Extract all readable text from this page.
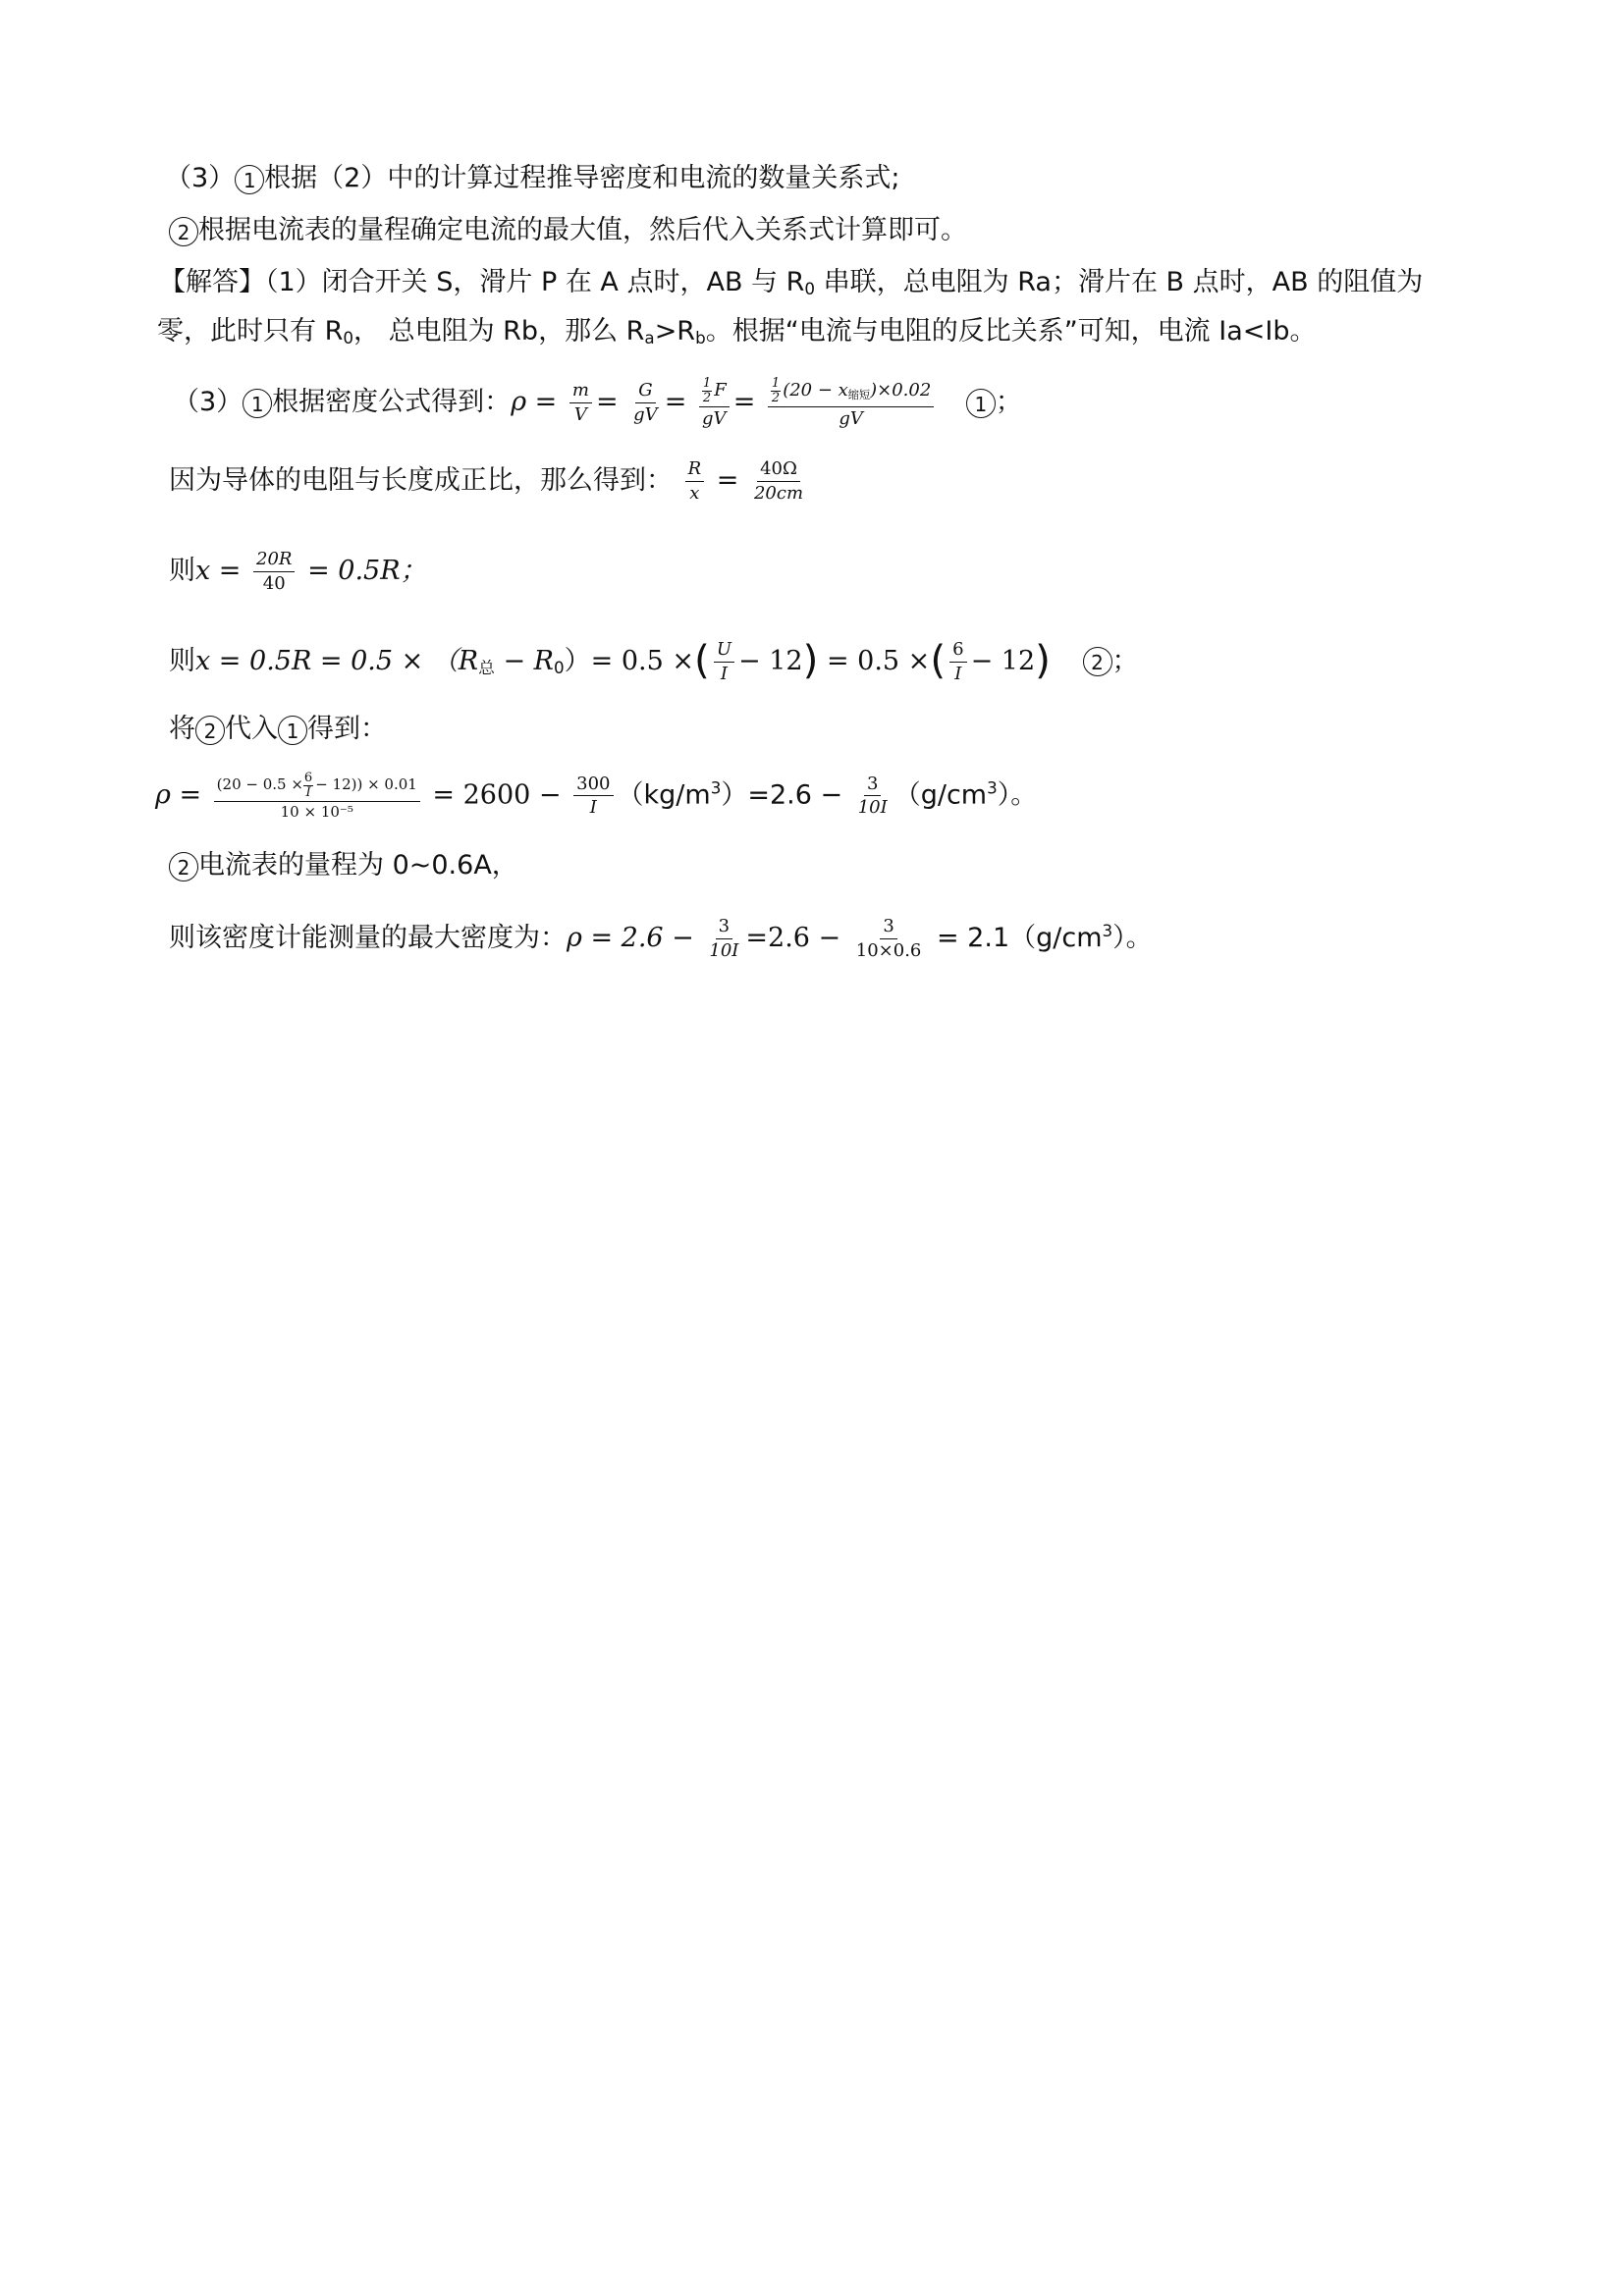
（3） 1 根据（2）中的计算过程推导密度和电流的数量关系式;
2 根据电流表的量程确定电流的最大值，然后代入关系式计算即可。
【解答】（1）闭合开关 S，滑片 P 在 A 点时，AB 与 $R_0$ 串联，总电阻为 Ra；滑片在 B 点时，AB 的阻值为
零，此时只有 $R_0$， 总电阻为 Rb，那么 $R_a>R_b$。根据“电流与电阻的反比关系”可知，电流 Ia<Ib。
（3） 1 根据密度公式得到：$\rho = \frac{m}{V} = \frac{G}{gV} = \frac{\frac{1}{2} F}{gV} = \frac{\frac{1}{2} (20 - x_{缩短})\times 0.02}{gV} 1$ ；
因为导体的电阻与长度成正比，那么得到： $\frac{R}{x} = \frac{40\Omega}{20cm}$
则$x = \frac{20R}{40} = 0.5R$；
则$x = 0.5R = 0.5 \times (R_总 - R_0)= 0.5$ ×( $\frac{U}{I} - 12) = 0.5$ ×( $\frac{6}{I} - 12$) 2 ；
将 2 代入 1 得到：
$\rho = \frac{(20 - 0.5 \times \frac{6}{I} - 12)) \times 0.01}{\text{10 × 10⁻⁵}} = 2600 - \frac{300}{I} (kg/m^3)=2.6 - \frac{3}{10I} (g/cm^3)$。
2 电流表的量程为 0~0.6A，
则该密度计能测量的最大密度为：$\rho = 2.6 - \frac{3}{10I} =2.6 - \frac{3}{10\times 0.6} = 2.1(g/cm^3)$。
